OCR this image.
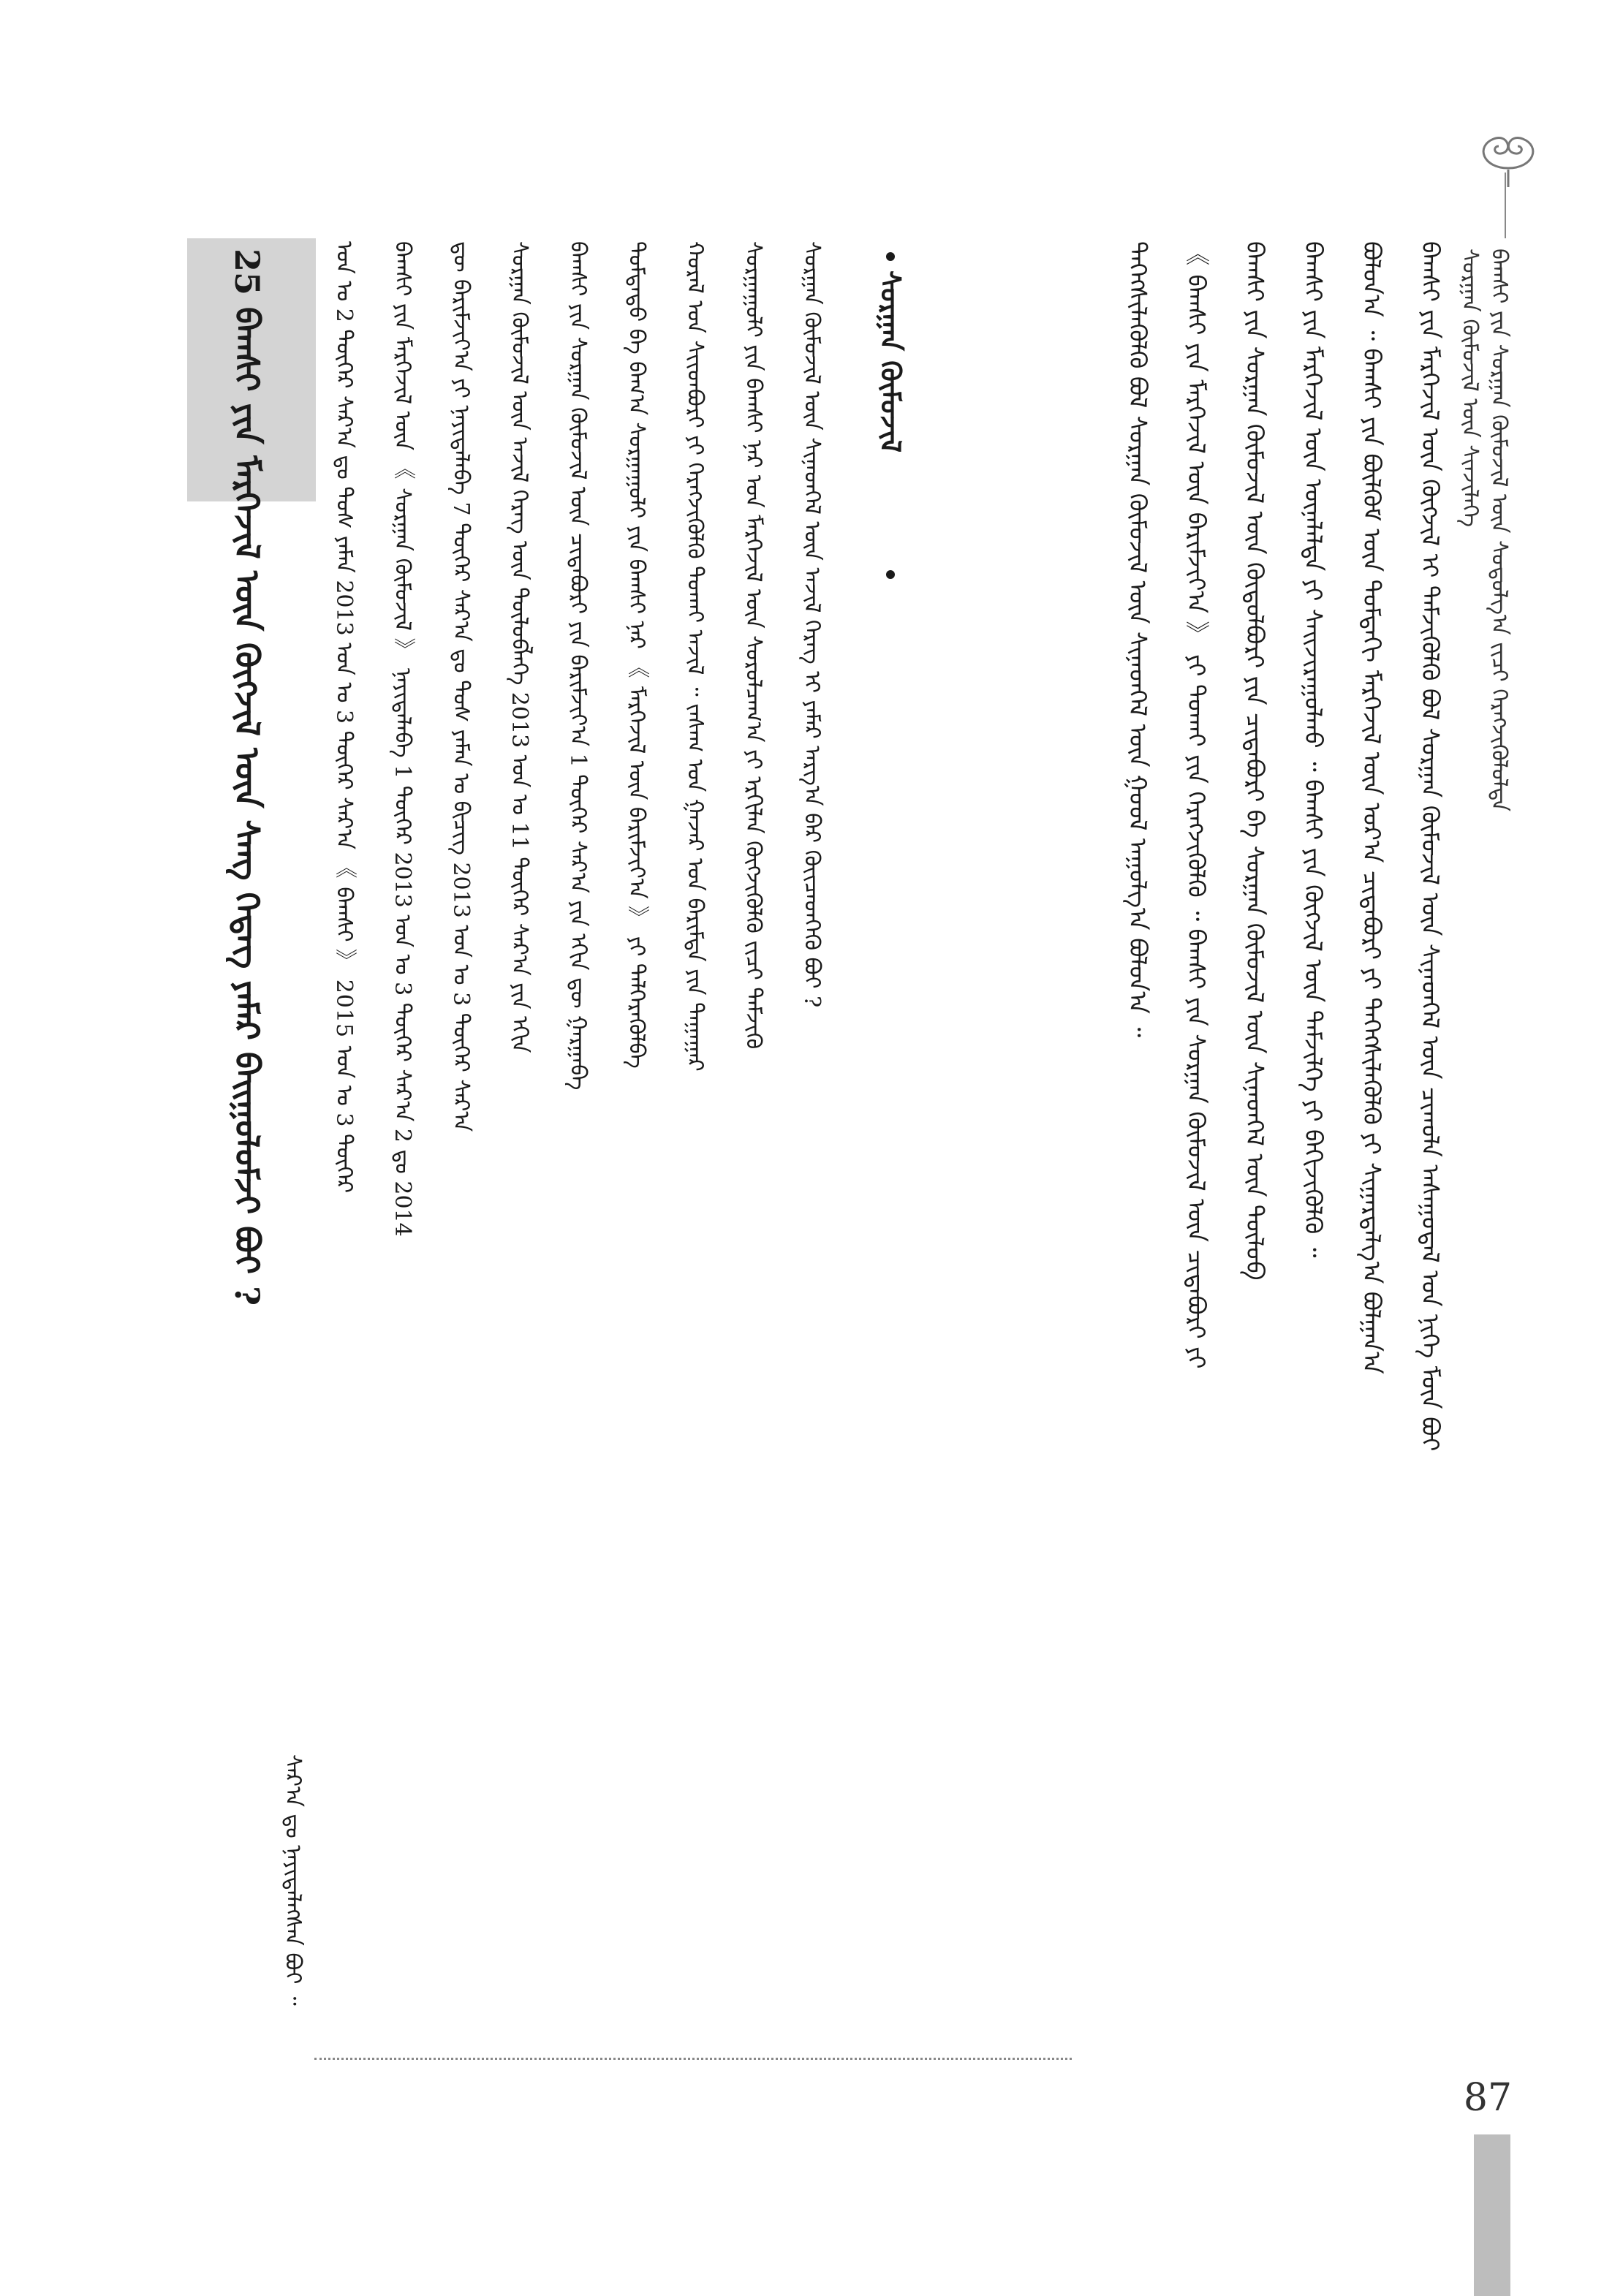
ᠪᠠᠭᠰᠢ ᠶᠢᠨ ᠰᠤᠷᠭᠠᠨ ᠬᠦᠮᠦᠵᠢᠯ ᠦᠨ ᠰᠤᠳᠤᠯᠭ᠎ᠠ ᠵᠢᠴᠢ ᠬᠡᠷᠡᠭᠵᠢᠭᠦᠯᠦᠯᠲᠡ
ᠰᠤᠷᠭᠠᠨ ᠬᠦᠮᠦᠵᠢᠯ ᠦᠨ ᠰᠢᠨᠵᠢᠯᠡᠭᠡ
ᠪᠠᠭᠰᠢ ᠶᠢᠨ ᠮᠡᠷᠭᠡᠵᠢᠯ ᠦᠨ ᠬᠥᠭᠵᠢᠯ ᠢ ᠳᠡᠮᠵᠢᠭᠦᠯᠬᠦ ᠪᠣᠯ ᠰᠤᠷᠭᠠᠨ ᠬᠦᠮᠦᠵᠢᠯ ᠦᠨ ᠰᠢᠨᠡᠳᠭᠡᠯ ᠦᠨ ᠴᠢᠬᠤᠯᠠ ᠠᠰᠠᠭᠤᠳᠠᠯ ᠤᠨ ᠨᠢᠭᠡ ᠮᠥᠨ ᠪᠤᠢ
ᠪᠣᠯᠤᠨ᠎ᠠ ᠃ ᠪᠠᠭᠰᠢ ᠶᠢᠨ ᠪᠦᠯᠭᠦᠮ ᠦᠨ ᠳᠤᠮᠳᠠᠬᠢ ᠮᠡᠷᠭᠡᠵᠢᠯ ᠦᠨ ᠤᠷ᠎ᠠ ᠴᠢᠳᠠᠪᠤᠷᠢ ᠶᠢ ᠳᠡᠭᠡᠭᠰᠢᠯᠡᠭᠦᠯᠬᠦ ᠶᠢ ᠰᠢᠭᠠᠷᠳᠠᠯᠭ᠎ᠠ ᠪᠣᠯᠭᠠᠨ᠎ᠠ
ᠪᠠᠭᠰᠢ ᠶᠢᠨ ᠮᠡᠷᠭᠡᠵᠢᠯ ᠦᠨ ᠦᠨᠡᠯᠡᠯᠲᠡ ᠶᠢ ᠰᠠᠢᠵᠢᠷᠠᠭᠤᠯᠬᠤ ᠃ ᠪᠠᠭᠰᠢ ᠶᠢᠨ ᠬᠥᠭᠵᠢᠯ ᠦᠨ ᠳᠡᠮᠵᠢᠯᠭᠡ ᠶᠢ ᠪᠡᠬᠢᠵᠢᠭᠦᠯᠬᠦ ᠃
ᠪᠠᠭᠰᠢ ᠶᠢᠨ ᠰᠤᠷᠭᠠᠨ ᠬᠦᠮᠦᠵᠢᠯ ᠦᠨ ᠬᠥᠲᠦᠯᠪᠦᠷᠢ ᠶᠢᠨ ᠴᠢᠳᠠᠪᠤᠷᠢ ᠪᠠ ᠰᠤᠷᠭᠠᠨ ᠬᠦᠮᠦᠵᠢᠯ ᠦᠨ ᠰᠢᠨᠡᠳᠭᠡᠯ ᠦᠨ ᠲᠥᠯᠦᠪ
《 ᠪᠠᠭᠰᠢ ᠶᠢᠨ ᠮᠡᠷᠭᠡᠵᠢᠯ ᠦᠨ ᠪᠠᠷᠢᠮᠵᠢᠶ᠎ᠠ 》 ᠶᠢ ᠲᠤᠬᠠᠢ ᠶᠢᠨ ᠬᠡᠷᠡᠭᠵᠢᠭᠦᠯᠬᠦ ᠃ ᠪᠠᠭᠰᠢ ᠶᠢᠨ ᠰᠤᠷᠭᠠᠨ ᠬᠦᠮᠦᠵᠢᠯ ᠦᠨ ᠴᠢᠳᠠᠪᠤᠷᠢ ᠶᠢ
ᠳᠡᠭᠡᠭᠰᠢᠯᠡᠭᠦᠯᠬᠦ ᠪᠣᠯ ᠰᠤᠷᠭᠠᠨ ᠬᠦᠮᠦᠵᠢᠯ ᠦᠨ ᠰᠢᠨᠡᠳᠭᠡᠯ ᠦᠨ ᠭᠣᠣᠯ ᠠᠭᠤᠯᠭ᠎ᠠ ᠪᠣᠯᠤᠨ᠎ᠠ ᠃
ᠰᠤᠷᠭᠠᠨ ᠬᠦᠮᠦᠵᠢᠯ
ᠰᠤᠷᠭᠠᠨ ᠬᠦᠮᠦᠵᠢᠯ ᠦᠨ ᠰᠢᠨᠡᠳᠭᠡᠯ ᠦᠨ ᠠᠵᠢᠯ ᠬᠡᠷᠡᠭ ᠢ ᠶᠠᠮᠠᠷ ᠠᠷᠭ᠎ᠠ ᠪᠠᠷ ᠭᠦᠢᠴᠡᠳᠬᠡᠬᠦ ᠪᠤᠢ ?
ᠰᠤᠷᠭᠠᠭᠤᠯᠢ ᠶᠢᠨ ᠪᠠᠭᠰᠢ ᠨᠠᠷ ᠤᠨ ᠮᠡᠷᠭᠡᠵᠢᠯ ᠦᠨ ᠰᠤᠷᠤᠯᠴᠠᠭ᠎ᠠ ᠶᠢ ᠡᠷᠬᠢᠯᠡᠨ ᠬᠥᠭᠵᠢᠭᠦᠯᠬᠦ ᠵᠢᠴᠢ ᠳᠡᠮᠵᠢᠬᠦ
ᠬᠤᠷᠠᠯ ᠤᠨ ᠰᠢᠢᠳᠪᠦᠷᠢ ᠶᠢ ᠬᠡᠷᠡᠭᠵᠢᠭᠦᠯᠬᠦ ᠲᠤᠬᠠᠢ ᠠᠵᠢᠯ ᠃ ᠵᠠᠰᠠᠭ ᠤᠨ ᠭᠠᠵᠠᠷ ᠤᠨ ᠪᠠᠷᠢᠮᠲᠠ ᠶᠢᠨ ᠳᠠᠭᠠᠭᠠᠷ
ᠳᠤᠮᠳᠠᠳᠤ ᠪᠠ ᠪᠠᠭ᠎ᠠ ᠰᠤᠷᠭᠠᠭᠤᠯᠢ ᠶᠢᠨ ᠪᠠᠭᠰᠢ ᠨᠠᠷ 《 ᠮᠡᠷᠭᠡᠵᠢᠯ ᠦᠨ ᠪᠠᠷᠢᠮᠵᠢᠶ᠎ᠠ 》 ᠶᠢ ᠳᠡᠯᠭᠡᠷᠡᠭᠦᠯᠪᠡ
ᠪᠠᠭᠰᠢ ᠶᠢᠨ ᠰᠤᠷᠭᠠᠨ ᠬᠦᠮᠦᠵᠢᠯ ᠦᠨ ᠴᠢᠳᠠᠪᠤᠷᠢ ᠶᠢᠨ ᠪᠠᠷᠢᠮᠵᠢᠶ᠎ᠠ 1 ᠳᠦᠭᠡᠷ ᠰᠠᠷ᠎ᠠ ᠶᠢᠨ ᠡᠬᠢᠨ ᠳᠦ ᠭᠠᠷᠭᠠᠪᠠ
ᠰᠤᠷᠭᠠᠨ ᠬᠦᠮᠦᠵᠢᠯ ᠦᠨ ᠠᠵᠢᠯ ᠬᠡᠷᠡᠭ ᠦᠨ ᠲᠥᠯᠦᠪᠯᠡᠭᠡ 2013 ᠣᠨ ᠤ 11 ᠳᠦᠭᠡᠷ ᠰᠠᠷ᠎ᠠ ᠶᠢᠨ ᠡᠬᠢᠨ
ᠳᠦ ᠪᠠᠷᠢᠮᠵᠢᠶ᠎ᠠ ᠶᠢ ᠨᠡᠶᠢᠲᠡᠯᠡᠪᠡ 7 ᠳᠦᠭᠡᠷ ᠰᠠᠷ᠎ᠠ ᠳᠤ ᠲᠤᠰ ᠶᠠᠮᠠᠨ ᠤ ᠪᠢᠴᠢᠭ 2013 ᠣᠨ ᠤ 3 ᠳᠦᠭᠡᠷ ᠰᠠᠷ᠎ᠠ
ᠪᠠᠭᠰᠢ ᠶᠢᠨ ᠮᠡᠷᠭᠡᠵᠢᠯ ᠦᠨ 《 ᠰᠤᠷᠭᠠᠨ ᠬᠦᠮᠦᠵᠢᠯ 》 ᠨᠡᠶᠢᠲᠡᠯᠡᠪᠡ 1 ᠳᠦᠭᠡᠷ 2013 ᠣᠨ ᠤ 3 ᠳᠦᠭᠡᠷ ᠰᠠᠷ᠎ᠠ 2 ᠳᠤ 2014
ᠣᠨ ᠤ 2 ᠳᠦᠭᠡᠷ ᠰᠠᠷ᠎ᠠ ᠳᠤ ᠲᠤᠰ ᠶᠠᠮᠠᠨ 2013 ᠣᠨ ᠤ 3 ᠳᠦᠭᠡᠷ ᠰᠠᠷ᠎ᠠ 《 ᠪᠠᠭᠰᠢ 》 2015 ᠣᠨ ᠤ 3 ᠳᠦᠭᠡᠷ
ᠰᠠᠷ᠎ᠠ ᠳᠤ ᠨᠡᠶᠢᠲᠡᠯᠡᠭᠰᠡᠨ ᠪᠤᠢ ᠃
25 ᠪᠠᠭᠰᠢ ᠶᠢᠨ ᠮᠡᠷᠭᠡᠵᠢᠯ ᠦᠨ ᠬᠥᠭᠵᠢᠯ ᠦᠨ ᠰᠠᠩ ᠭᠡᠳᠡᠭ ᠶᠠᠮᠠᠷ ᠪᠠᠢᠭᠤᠯᠤᠮᠵᠢ ᠪᠤᠢ ?
87
